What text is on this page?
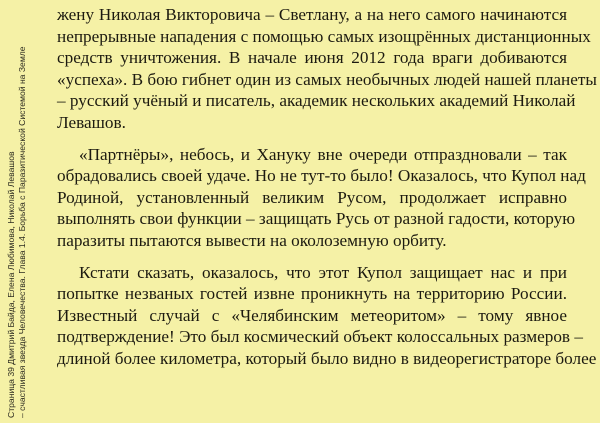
Страница 39 Дмитрий Байда, Елена Любимова, Николай Левашов – счастливая звезда Человечества. Глава 1.4. Борьба с Паразитической Системой на Земле
жену Николая Викторовича – Светлану, а на него самого начинаются
непрерывные нападения с помощью самых изощрённых дистанционных
средств уничтожения. В начале июня 2012 года враги добиваются
«успеха». В бою гибнет один из самых необычных людей нашей планеты
– русский учёный и писатель, академик нескольких академий Николай
Левашов.
«Партнёры», небось, и Хануку вне очереди отпраздновали – так
обрадовались своей удаче. Но не тут-то было! Оказалось, что Купол над
Родиной, установленный великим Русом, продолжает исправно
выполнять свои функции – защищать Русь от разной гадости, которую
паразиты пытаются вывести на околоземную орбиту.
Кстати сказать, оказалось, что этот Купол защищает нас и при
попытке незваных гостей извне проникнуть на территорию России.
Известный случай с «Челябинским метеоритом» – тому явное
подтверждение! Это был космический объект колоссальных размеров –
длиной более километра, который было видно в видеорегистраторе более
